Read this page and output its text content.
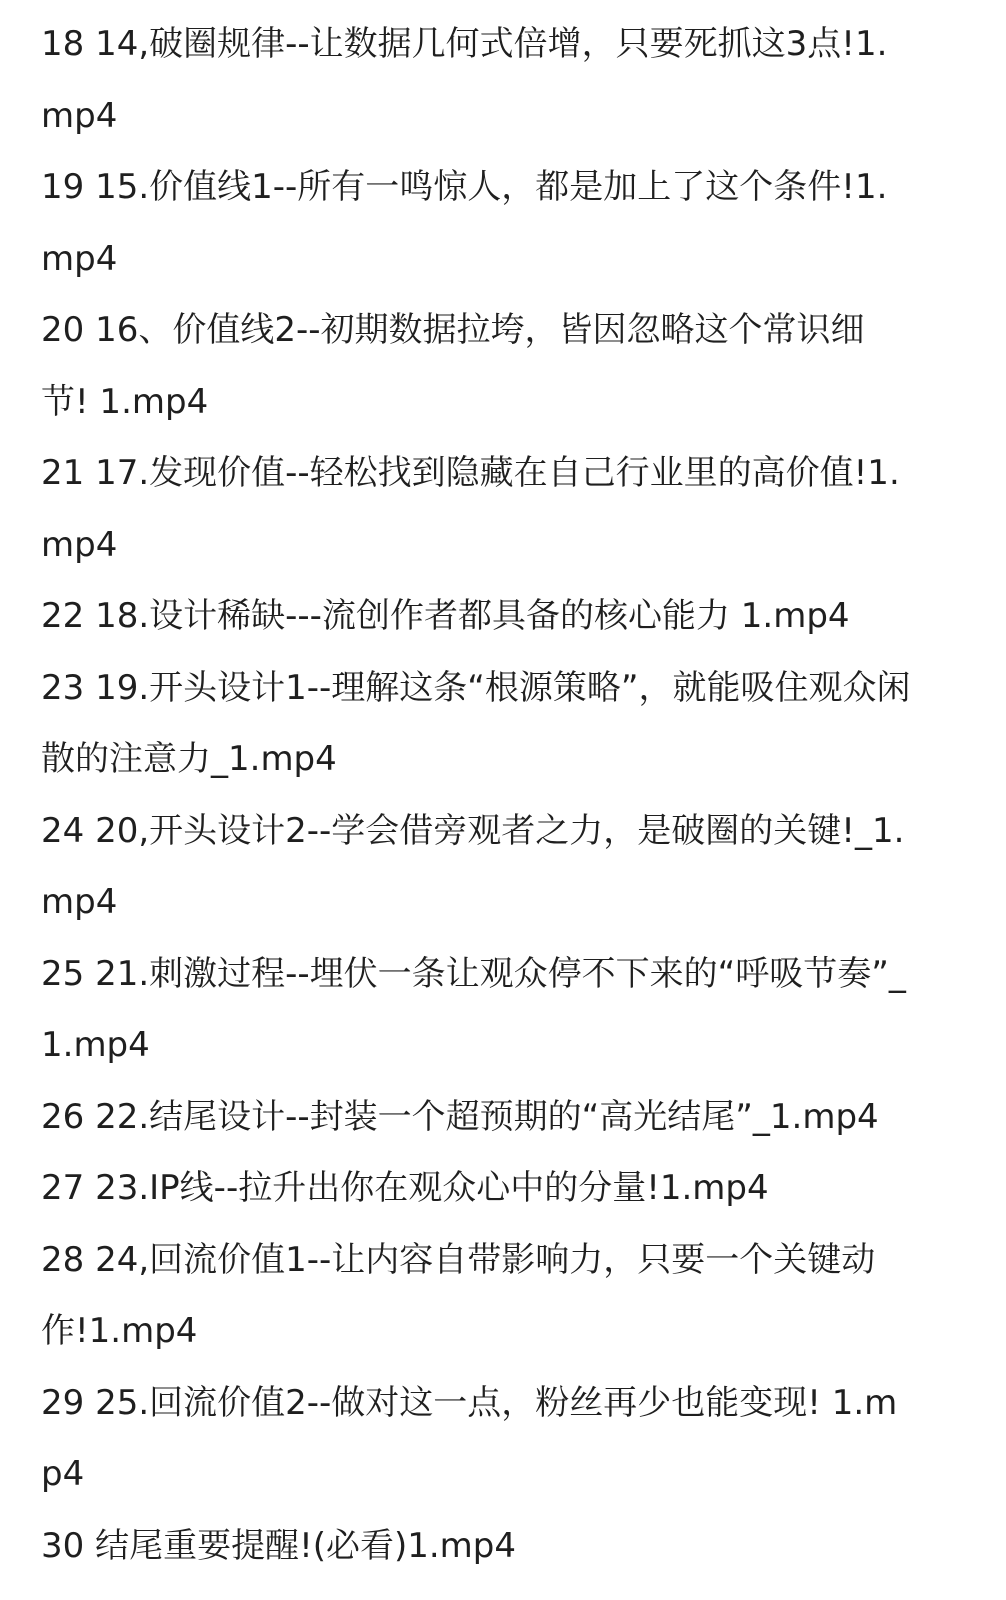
18 14,破圈规律--让数据几何式倍增，只要死抓这3点!1.
mp4
19 15.价值线1--所有一鸣惊人，都是加上了这个条件!1.
mp4
20 16、价值线2--初期数据拉垮，皆因忽略这个常识细
节! 1.mp4
21 17.发现价值--轻松找到隐藏在自己行业里的高价值!1.
mp4
22 18.设计稀缺---流创作者都具备的核心能力 1.mp4
23 19.开头设计1--理解这条“根源策略”，就能吸住观众闲
散的注意力_1.mp4
24 20,开头设计2--学会借旁观者之力，是破圈的关键!_1.
mp4
25 21.刺激过程--埋伏一条让观众停不下来的“呼吸节奏”_
1.mp4
26 22.结尾设计--封装一个超预期的“高光结尾”_1.mp4
27 23.IP线--拉升出你在观众心中的分量!1.mp4
28 24,回流价值1--让内容自带影响力，只要一个关键动
作!1.mp4
29 25.回流价值2--做对这一点，粉丝再少也能变现! 1.m
p4
30 结尾重要提醒!(必看)1.mp4
